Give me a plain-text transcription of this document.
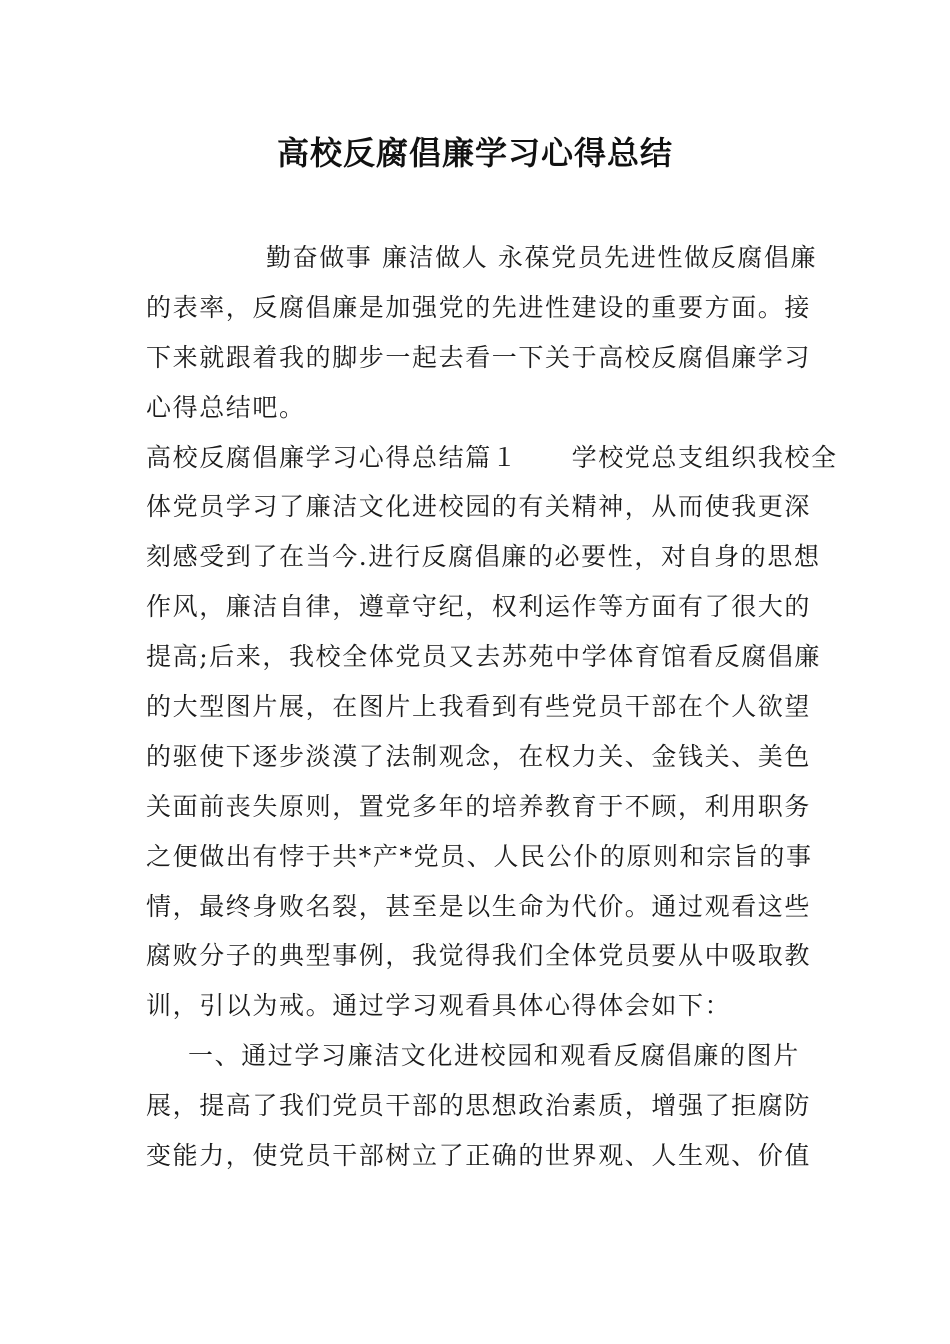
高校反腐倡廉学习心得总结
勤奋做事 廉洁做人 永葆党员先进性做反腐倡廉
的表率，反腐倡廉是加强党的先进性建设的重要方面。接
下来就跟着我的脚步一起去看一下关于高校反腐倡廉学习
心得总结吧。
高校反腐倡廉学习心得总结篇１　　学校党总支组织我校全
体党员学习了廉洁文化进校园的有关精神，从而使我更深
刻感受到了在当今.进行反腐倡廉的必要性，对自身的思想
作风，廉洁自律，遵章守纪，权利运作等方面有了很大的
提高;后来，我校全体党员又去苏苑中学体育馆看反腐倡廉
的大型图片展，在图片上我看到有些党员干部在个人欲望
的驱使下逐步淡漠了法制观念，在权力关、金钱关、美色
关面前丧失原则，置党多年的培养教育于不顾，利用职务
之便做出有悖于共*产*党员、人民公仆的原则和宗旨的事
情，最终身败名裂，甚至是以生命为代价。通过观看这些
腐败分子的典型事例，我觉得我们全体党员要从中吸取教
训，引以为戒。通过学习观看具体心得体会如下：
一、通过学习廉洁文化进校园和观看反腐倡廉的图片
展，提高了我们党员干部的思想政治素质，增强了拒腐防
变能力，使党员干部树立了正确的世界观、人生观、价值
